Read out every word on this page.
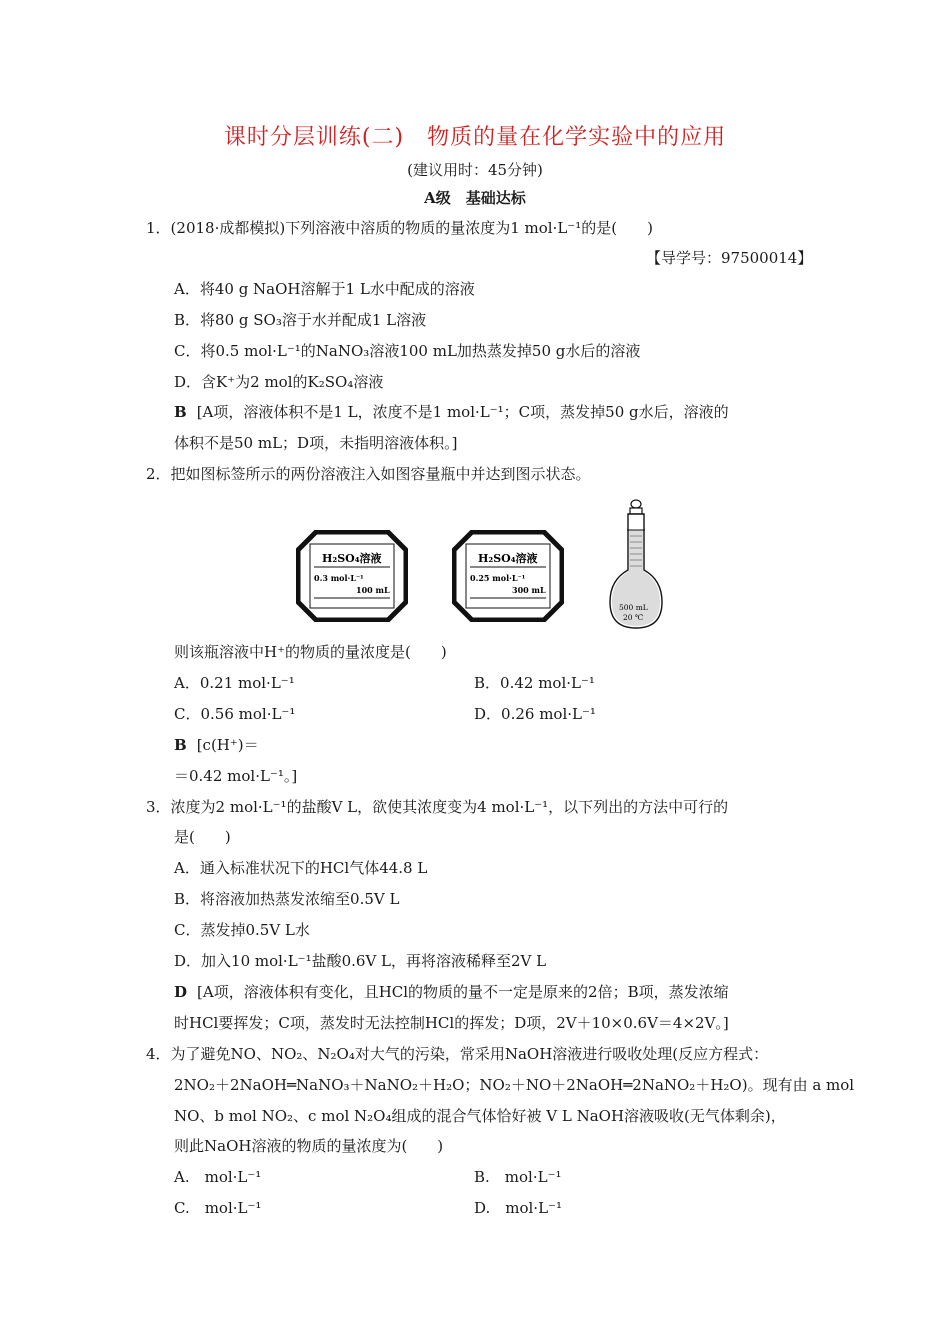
课时分层训练(二)　物质的量在化学实验中的应用
(建议用时：45分钟)
A级　基础达标
1．(2018·成都模拟)下列溶液中溶质的物质的量浓度为1 mol·L⁻¹的是(　　)
【导学号：97500014】
A．将40 g NaOH溶解于1 L水中配成的溶液
B．将80 g SO₃溶于水并配成1 L溶液
C．将0.5 mol·L⁻¹的NaNO₃溶液100 mL加热蒸发掉50 g水后的溶液
D．含K⁺为2 mol的K₂SO₄溶液
B [A项，溶液体积不是1 L，浓度不是1 mol·L⁻¹；C项，蒸发掉50 g水后，溶液的
体积不是50 mL；D项，未指明溶液体积。]
2．把如图标签所示的两份溶液注入如图容量瓶中并达到图示状态。
H₂SO₄溶液
0.3 mol·L⁻¹
100 mL
H₂SO₄溶液
0.25 mol·L⁻¹
300 mL
500 mL
20 ℃
则该瓶溶液中H⁺的物质的量浓度是(　　)
A．0.21 mol·L⁻¹	B．0.42 mol·L⁻¹
C．0.56 mol·L⁻¹	D．0.26 mol·L⁻¹
B [c(H⁺)＝
＝0.42 mol·L⁻¹。]
3．浓度为2 mol·L⁻¹的盐酸V L，欲使其浓度变为4 mol·L⁻¹，以下列出的方法中可行的
是(　　)
A．通入标准状况下的HCl气体44.8 L
B．将溶液加热蒸发浓缩至0.5V L
C．蒸发掉0.5V L水
D．加入10 mol·L⁻¹盐酸0.6V L，再将溶液稀释至2V L
D [A项，溶液体积有变化，且HCl的物质的量不一定是原来的2倍；B项，蒸发浓缩
时HCl要挥发；C项，蒸发时无法控制HCl的挥发；D项，2V＋10×0.6V＝4×2V。]
4．为了避免NO、NO₂、N₂O₄对大气的污染，常采用NaOH溶液进行吸收处理(反应方程式：
2NO₂＋2NaOH═NaNO₃＋NaNO₂＋H₂O；NO₂＋NO＋2NaOH═2NaNO₂＋H₂O)。现有由 a mol
NO、b mol NO₂、c mol N₂O₄组成的混合气体恰好被 V L NaOH溶液吸收(无气体剩余)，
则此NaOH溶液的物质的量浓度为(　　)
A.　mol·L⁻¹	B.　mol·L⁻¹
C.　mol·L⁻¹	D.　mol·L⁻¹
